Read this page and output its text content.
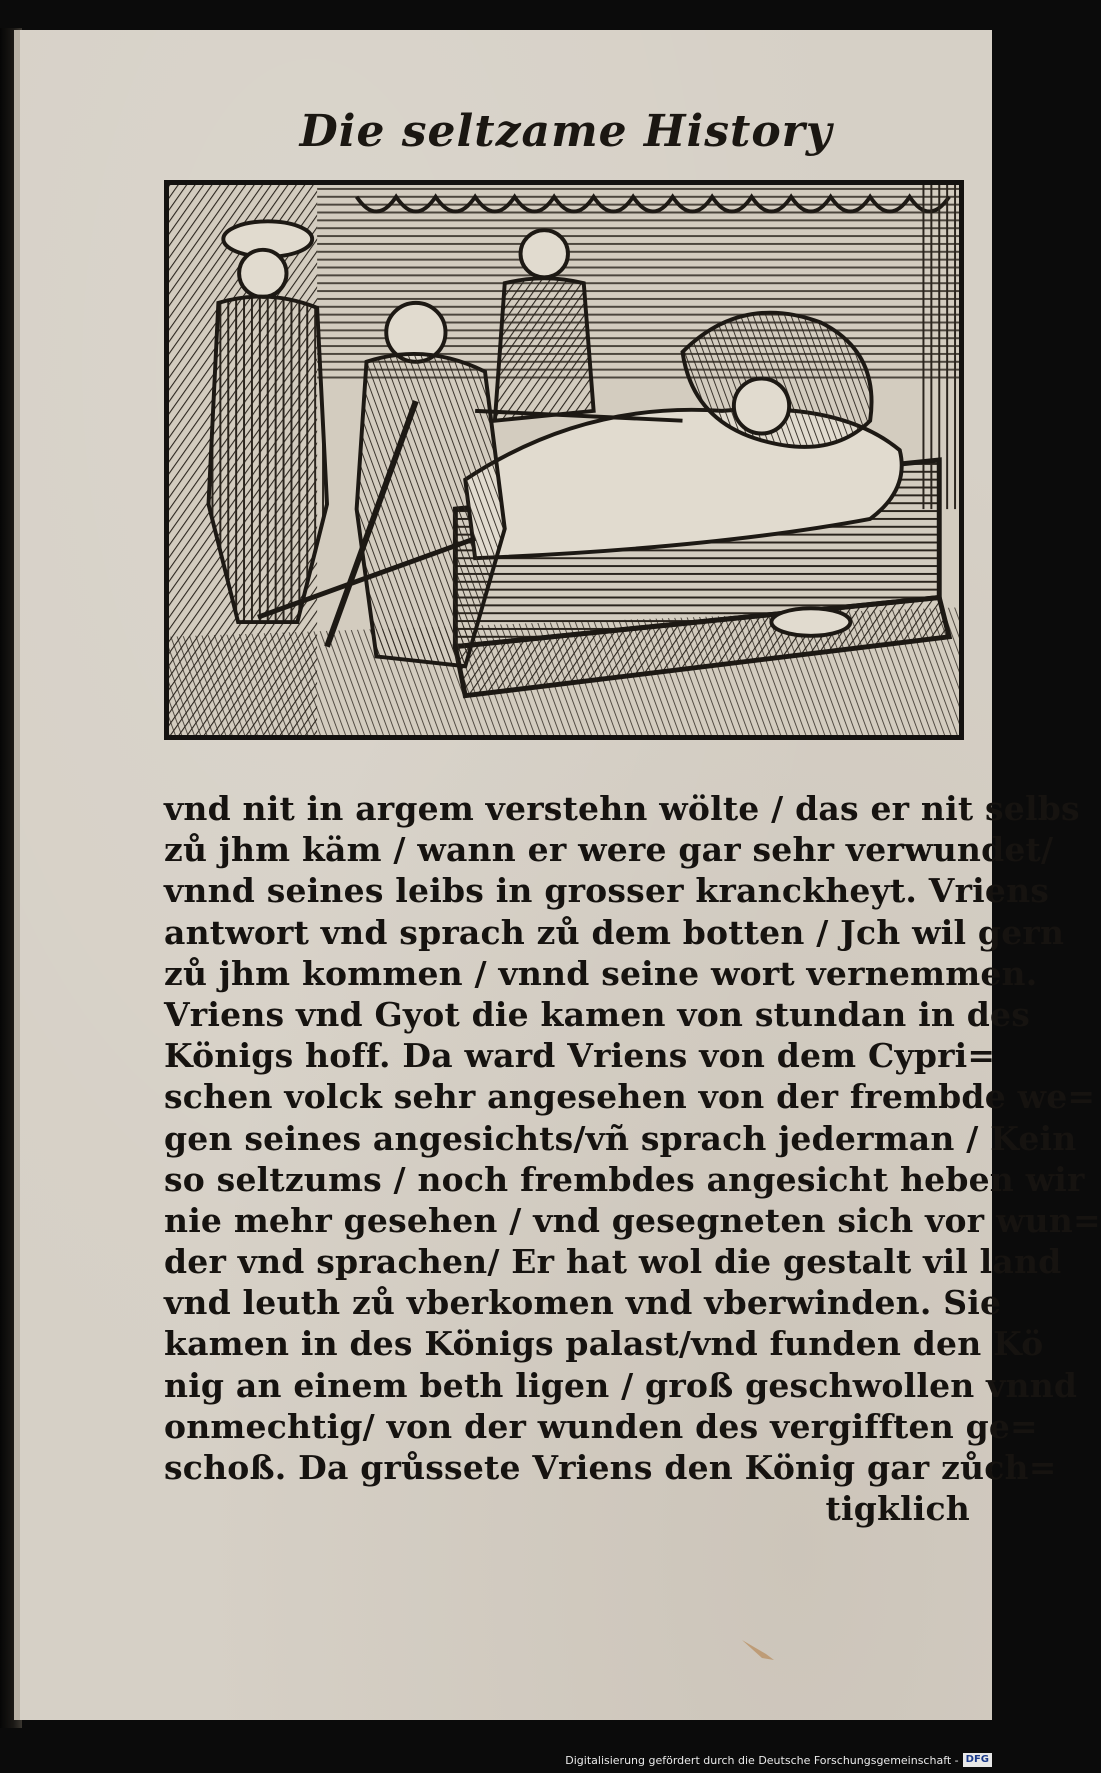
Die seltzame History
vnd nit in argem verstehn wölte / das er nit selbs
zů jhm käm / wann er were gar sehr verwundet/
vnnd seines leibs in grosser kranckheyt. Vriens
antwort vnd sprach zů dem botten / Jch wil gern
zů jhm kommen / vnnd seine wort vernemmen.
Vriens vnd Gyot die kamen von stundan in des
Königs hoff. Da ward Vriens von dem Cypri=
schen volck sehr angesehen von der frembde we=
gen seines angesichts/vñ sprach jederman / Kein
so seltzums / noch frembdes angesicht heben wir
nie mehr gesehen / vnd gesegneten sich vor wun=
der vnd sprachen/ Er hat wol die gestalt vil land
vnd leuth zů vberkomen vnd vberwinden. Sie
kamen in des Königs palast/vnd funden den Kö
nig an einem beth ligen / groß geschwollen vnnd
onmechtig/ von der wunden des vergifften ge=
schoß. Da grůssete Vriens den König gar zůch=
tigklich
Digitalisierung gefördert durch die Deutsche Forschungsgemeinschaft - DFG
